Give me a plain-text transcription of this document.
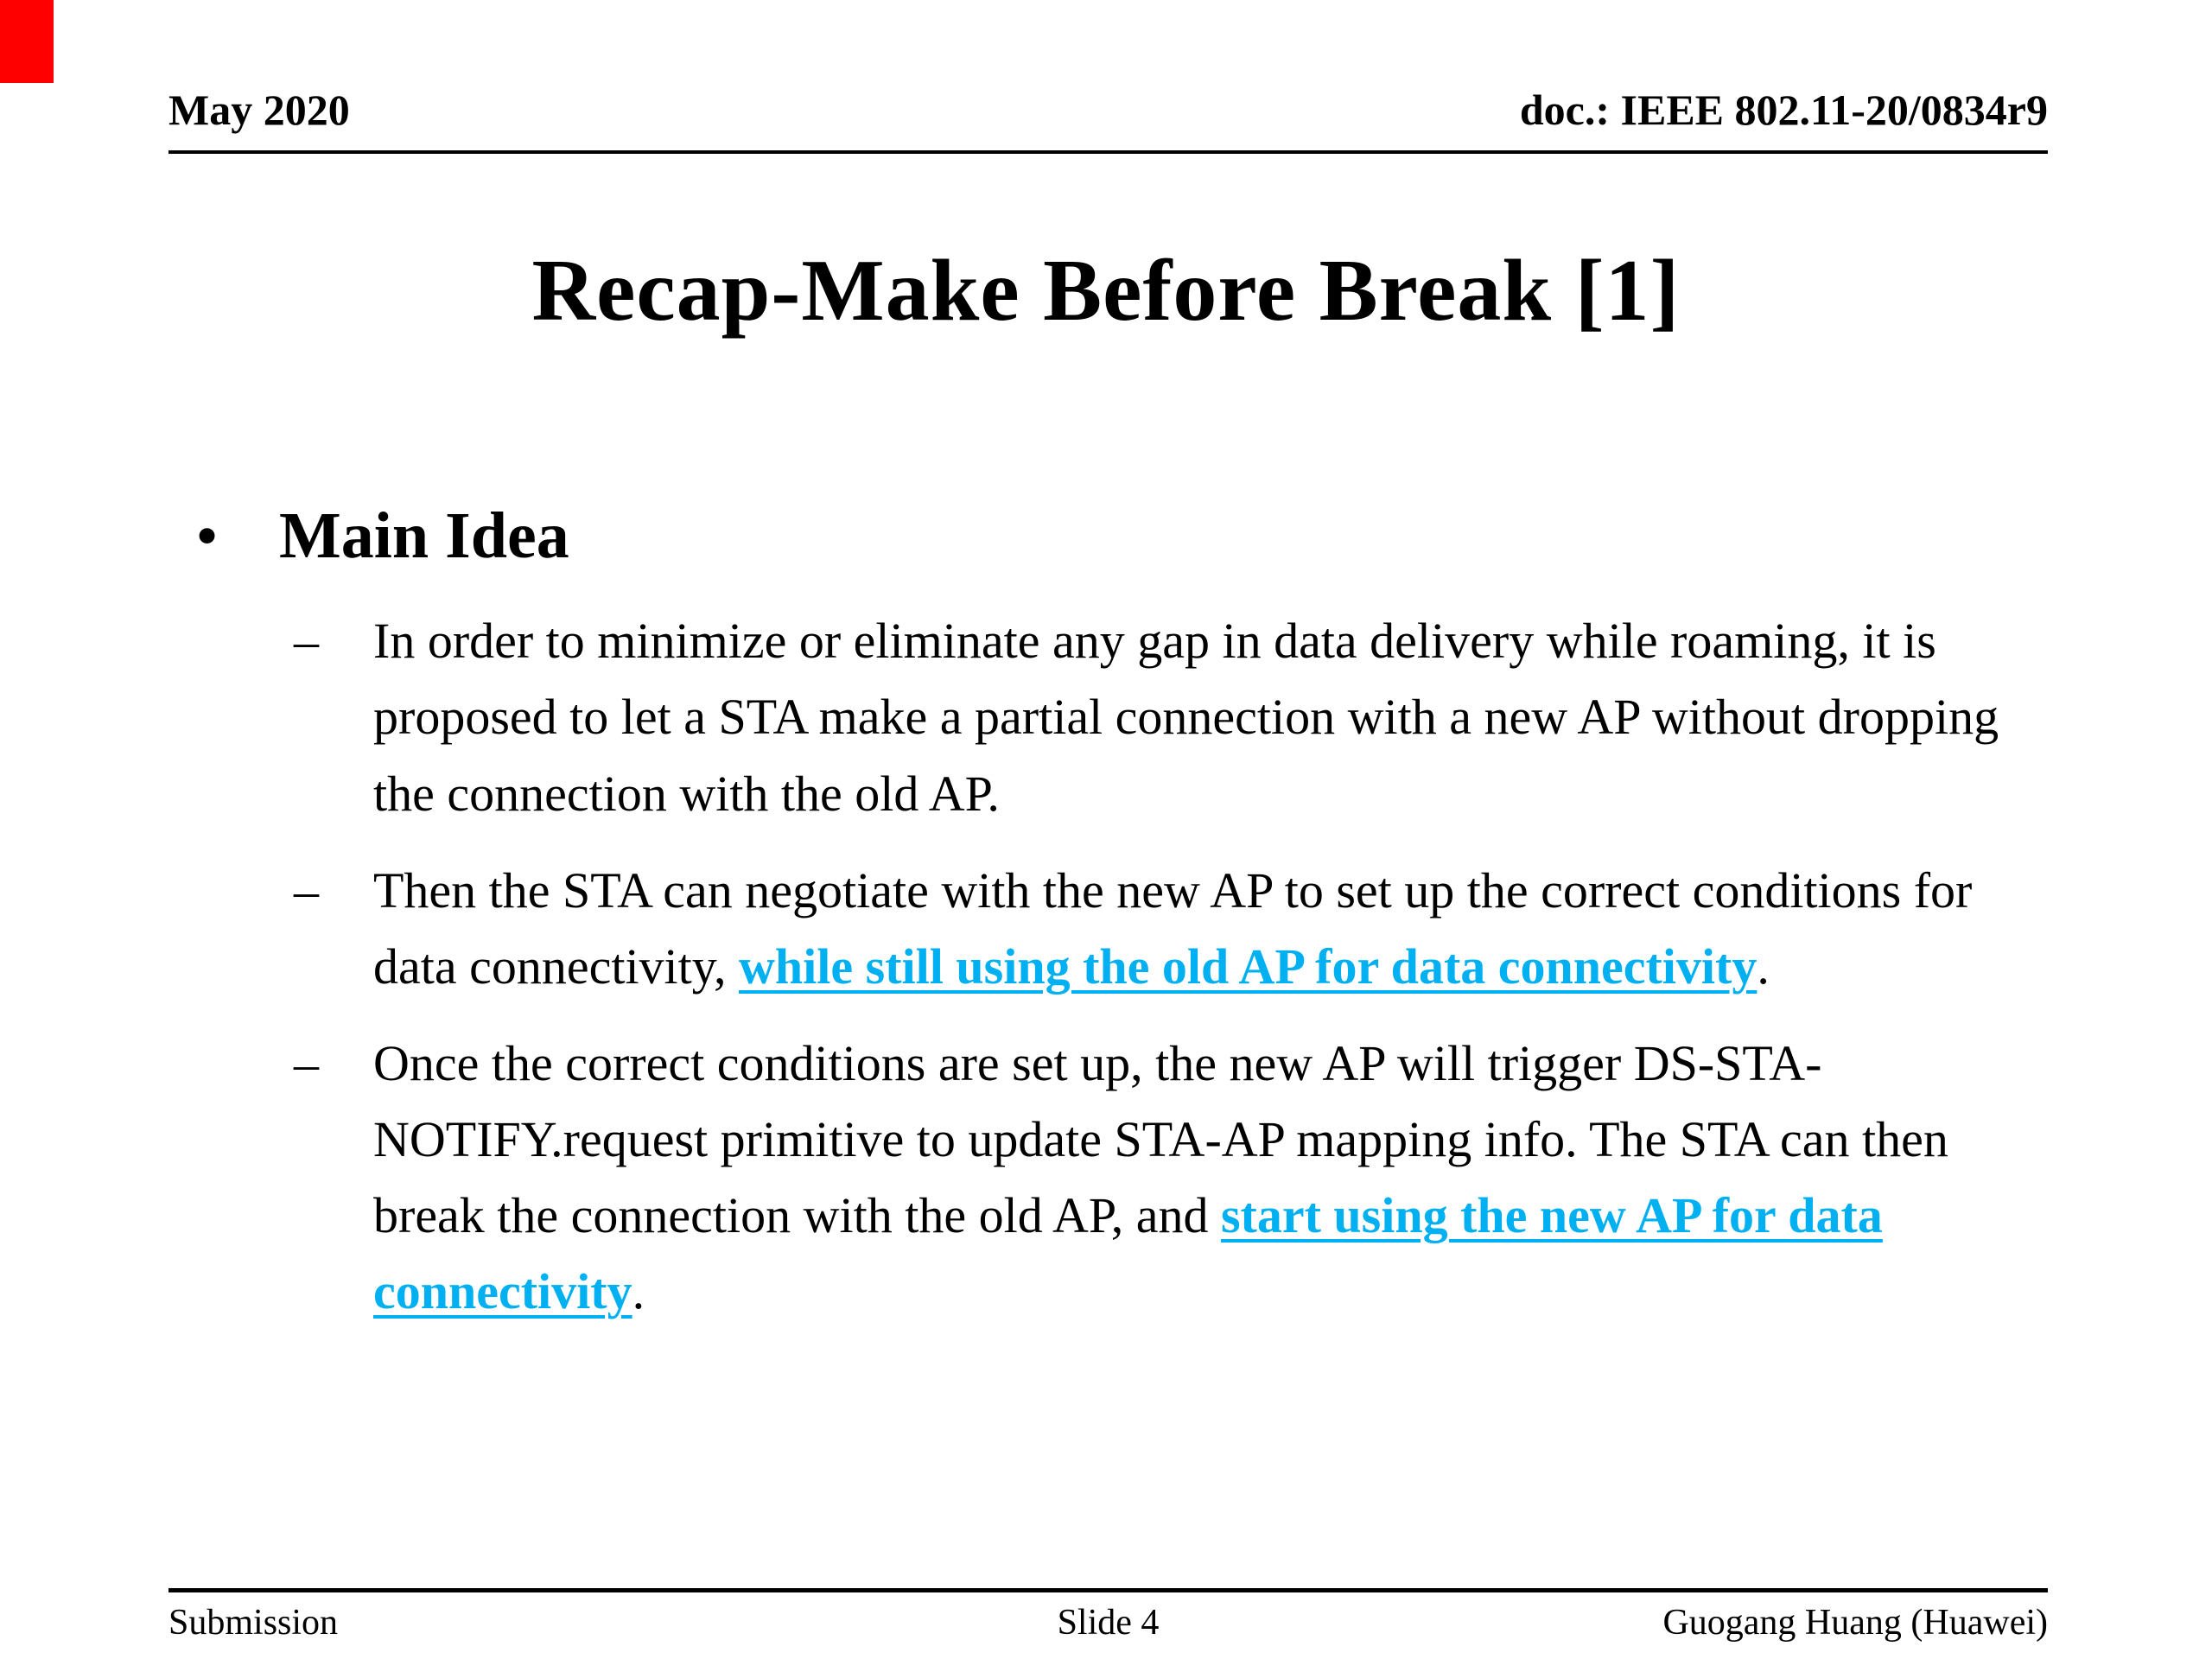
May 2020	doc.: IEEE 802.11-20/0834r9
Recap-Make Before Break [1]
• Main Idea
–	In order to minimize or eliminate any gap in data delivery while roaming, it is proposed to let a STA make a partial connection with a new AP without dropping the connection with the old AP.
–	Then the STA can negotiate with the new AP to set up the correct conditions for data connectivity, while still using the old AP for data connectivity.
–	Once the correct conditions are set up, the new AP will trigger DS-STA-NOTIFY.request primitive to update STA-AP mapping info. The STA can then break the connection with the old AP, and start using the new AP for data connectivity.
Submission	Slide 4	Guogang Huang (Huawei)
